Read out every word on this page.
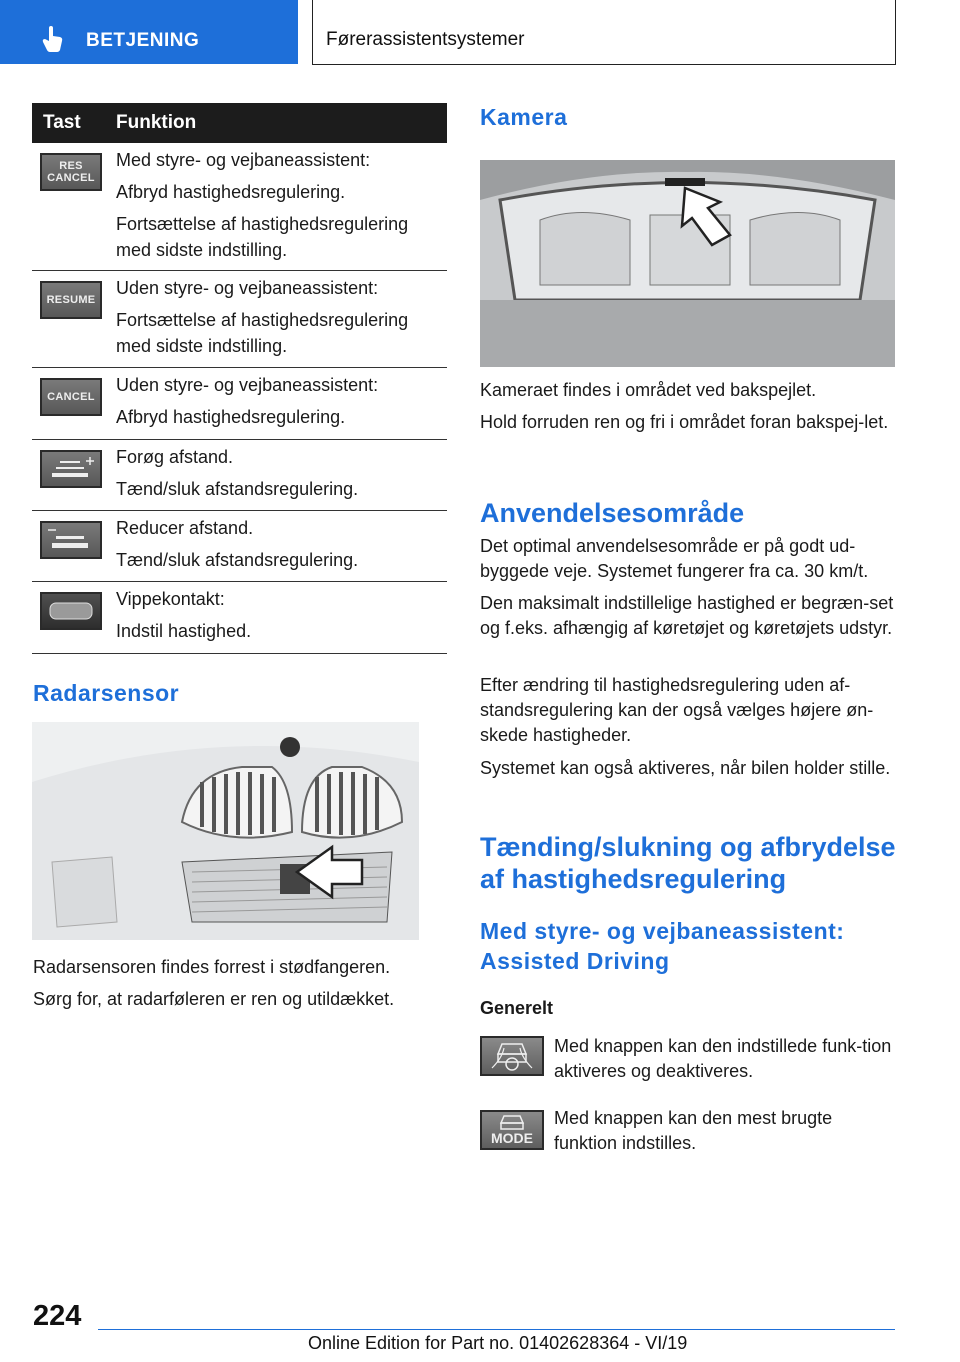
BETJENING	Førerassistentsystemer
Tast	Funktion
RES
CANCEL

Med styre- og vejbaneassistent:

Afbryd hastighedsregulering.

Fortsættelse af hastighedsregulering med sidste indstilling.

RESUME

Uden styre- og vejbaneassistent:

Fortsættelse af hastighedsregulering med sidste indstilling.

CANCEL

Uden styre- og vejbaneassistent:

Afbryd hastighedsregulering.

Forøg afstand.

Tænd/sluk afstandsregulering.

Reducer afstand.

Tænd/sluk afstandsregulering.

Vippekontakt:

Indstil hastighed.

Radarsensor

Radarsensoren findes forrest i stødfangeren.

Sørg for, at radarføleren er ren og utildækket.

Kamera

Kameraet findes i området ved bakspejlet.

Hold forruden ren og fri i området foran bakspej-let.

Anvendelsesområde

Det optimal anvendelsesområde er på godt ud-byggede veje. Systemet fungerer fra ca. 30 km/t.

Den maksimalt indstillelige hastighed er begræn-set og f.eks. afhængig af køretøjet og køretøjets udstyr.

Efter ændring til hastighedsregulering uden af-standsregulering kan der også vælges højere øn-skede hastigheder.

Systemet kan også aktiveres, når bilen holder stille.

Tænding/slukning og afbrydelse af hastighedsregulering
Med styre- og vejbaneassistent: Assisted Driving
Generelt

Med knappen kan den indstillede funk-tion aktiveres og deaktiveres.

MODE

Med knappen kan den mest brugte funktion indstilles.

224
Online Edition for Part no. 01402628364 - VI/19
